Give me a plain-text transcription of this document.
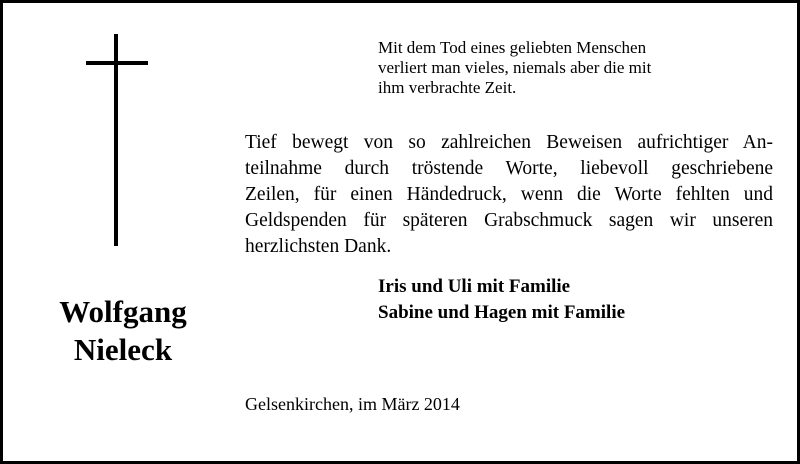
Mit dem Tod eines geliebten Menschen
verliert man vieles, niemals aber die mit
ihm verbrachte Zeit.
Tief bewegt von so zahlreichen Beweisen aufrichtiger An-
teilnahme durch tröstende Worte, liebevoll geschriebene
Zeilen, für einen Händedruck, wenn die Worte fehlten und
Geldspenden für späteren Grabschmuck sagen wir unseren
herzlichsten Dank.
Wolfgang
Nieleck
Iris und Uli mit Familie
Sabine und Hagen mit Familie
Gelsenkirchen, im März 2014
